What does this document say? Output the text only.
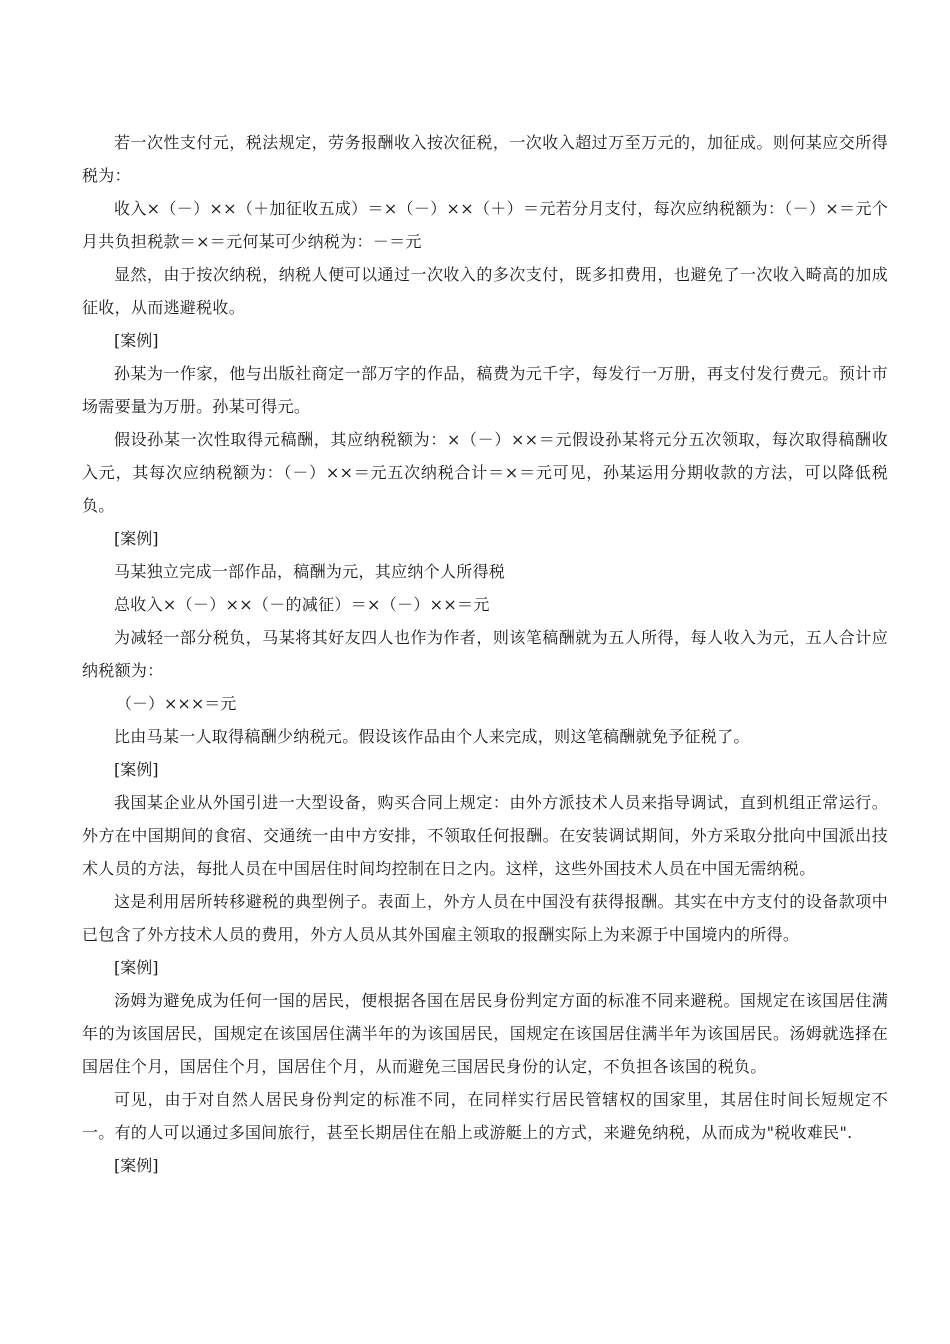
若一次性支付元，税法规定，劳务报酬收入按次征税，一次收入超过万至万元的，加征成。则何某应交所得税为：

收入×（－）××（＋加征收五成）＝×（－）××（＋）＝元若分月支付，每次应纳税额为：（－）×＝元个月共负担税款＝×＝元何某可少纳税为：－＝元

显然，由于按次纳税，纳税人便可以通过一次收入的多次支付，既多扣费用，也避免了一次收入畸高的加成征收，从而逃避税收。

[案例]

孙某为一作家，他与出版社商定一部万字的作品，稿费为元千字，每发行一万册，再支付发行费元。预计市场需要量为万册。孙某可得元。

假设孙某一次性取得元稿酬，其应纳税额为：×（－）××＝元假设孙某将元分五次领取，每次取得稿酬收入元，其每次应纳税额为：（－）××＝元五次纳税合计＝×＝元可见，孙某运用分期收款的方法，可以降低税负。

[案例]

马某独立完成一部作品，稿酬为元，其应纳个人所得税

总收入×（－）××（－的减征）＝×（－）××＝元

为减轻一部分税负，马某将其好友四人也作为作者，则该笔稿酬就为五人所得，每人收入为元，五人合计应纳税额为：

（－）×××＝元

比由马某一人取得稿酬少纳税元。假设该作品由个人来完成，则这笔稿酬就免予征税了。

[案例]

我国某企业从外国引进一大型设备，购买合同上规定：由外方派技术人员来指导调试，直到机组正常运行。外方在中国期间的食宿、交通统一由中方安排，不领取任何报酬。在安装调试期间，外方采取分批向中国派出技术人员的方法，每批人员在中国居住时间均控制在日之内。这样，这些外国技术人员在中国无需纳税。

这是利用居所转移避税的典型例子。表面上，外方人员在中国没有获得报酬。其实在中方支付的设备款项中已包含了外方技术人员的费用，外方人员从其外国雇主领取的报酬实际上为来源于中国境内的所得。

[案例]

汤姆为避免成为任何一国的居民，便根据各国在居民身份判定方面的标准不同来避税。国规定在该国居住满年的为该国居民，国规定在该国居住满半年的为该国居民，国规定在该国居住满半年为该国居民。汤姆就选择在国居住个月，国居住个月，国居住个月，从而避免三国居民身份的认定，不负担各该国的税负。

可见，由于对自然人居民身份判定的标准不同，在同样实行居民管辖权的国家里，其居住时间长短规定不一。有的人可以通过多国间旅行，甚至长期居住在船上或游艇上的方式，来避免纳税，从而成为"税收难民".

[案例]
